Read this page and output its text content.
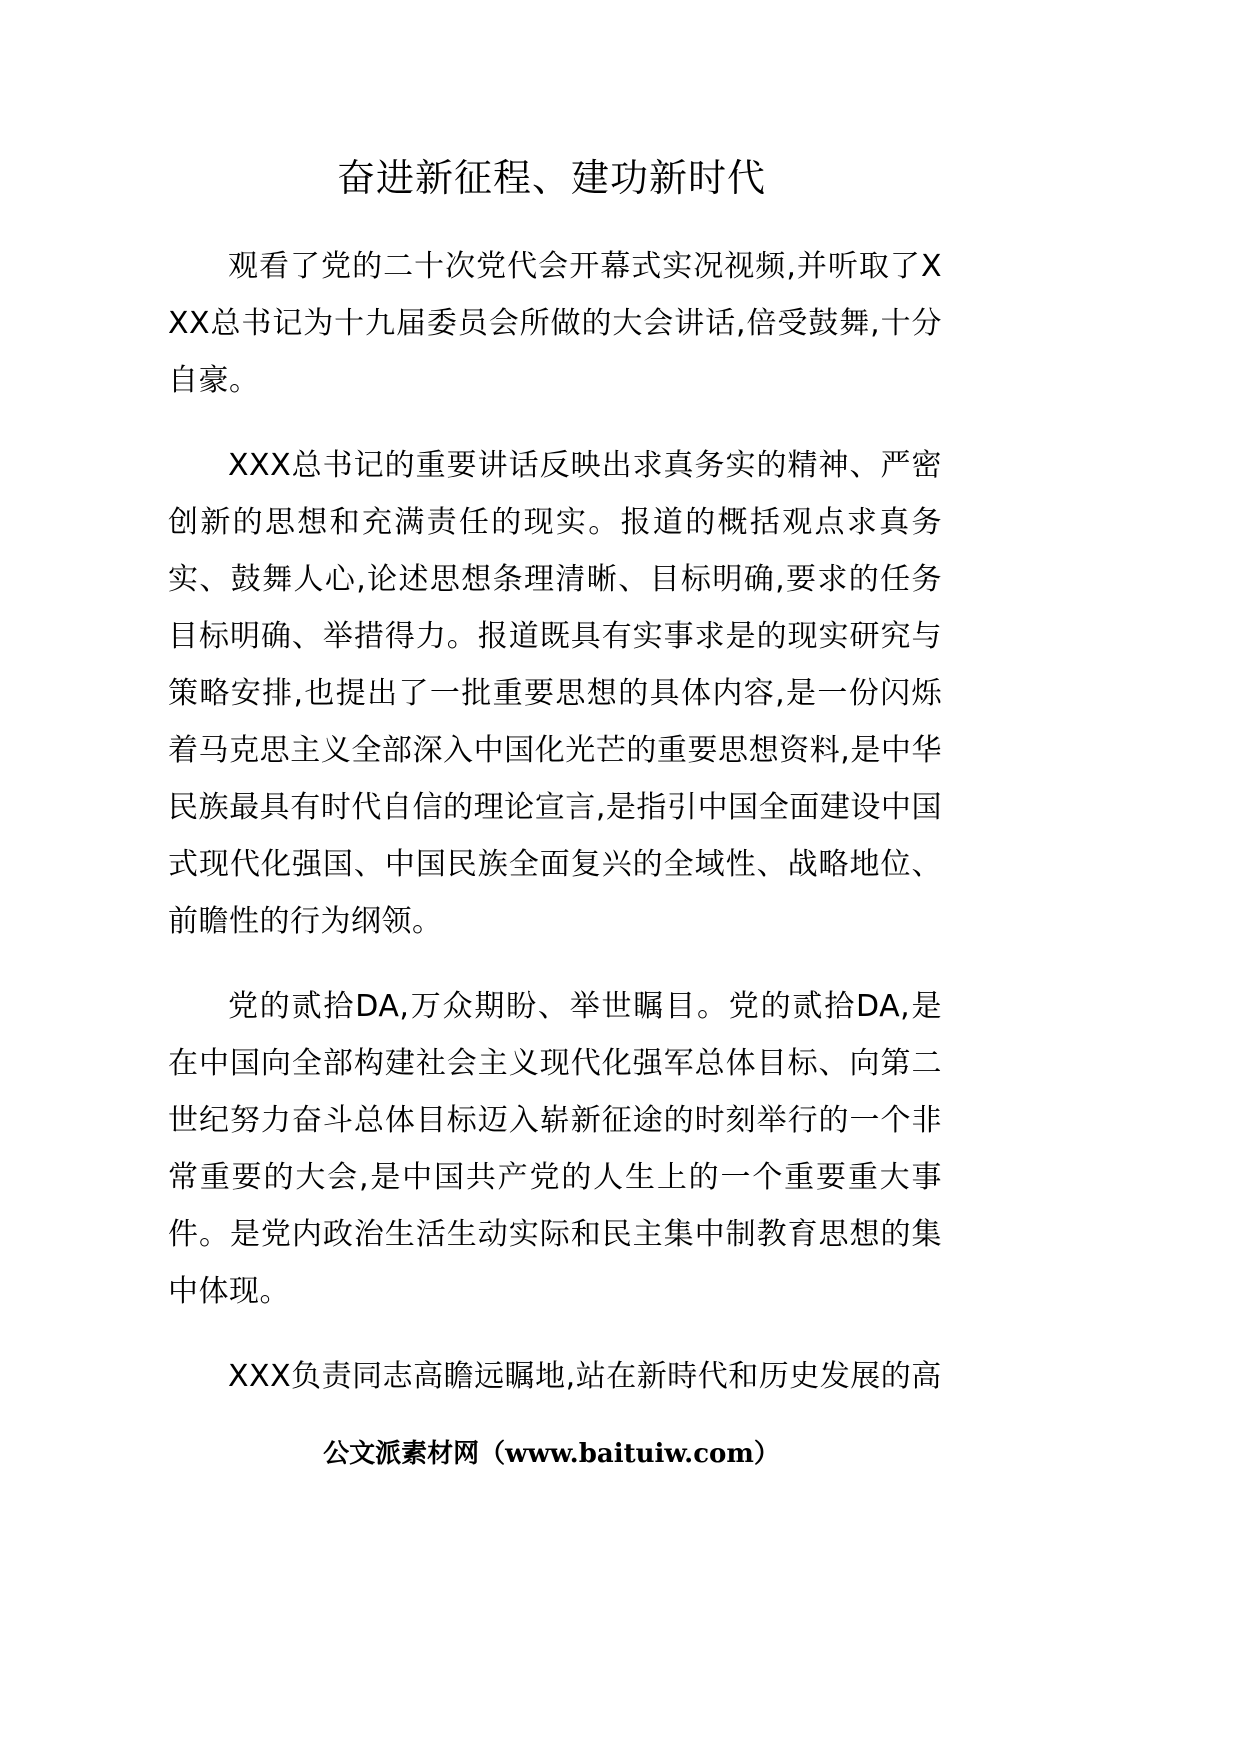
奋进新征程、建功新时代

观看了党的二十次党代会开幕式实况视频,并听取了XXX总书记为十九届委员会所做的大会讲话,倍受鼓舞,十分自豪。

XXX总书记的重要讲话反映出求真务实的精神、严密创新的思想和充满责任的现实。报道的概括观点求真务实、鼓舞人心,论述思想条理清晰、目标明确,要求的任务目标明确、举措得力。报道既具有实事求是的现实研究与策略安排,也提出了一批重要思想的具体内容,是一份闪烁着马克思主义全部深入中国化光芒的重要思想资料,是中华民族最具有时代自信的理论宣言,是指引中国全面建设中国式现代化强国、中国民族全面复兴的全域性、战略地位、前瞻性的行为纲领。

党的贰拾DA,万众期盼、举世瞩目。党的贰拾DA,是在中国向全部构建社会主义现代化强军总体目标、向第二世纪努力奋斗总体目标迈入崭新征途的时刻举行的一个非常重要的大会,是中国共产党的人生上的一个重要重大事件。是党内政治生活生动实际和民主集中制教育思想的集中体现。

XXX负责同志高瞻远瞩地,站在新時代和历史发展的高

公文派素材网（www.baituiw.com）
